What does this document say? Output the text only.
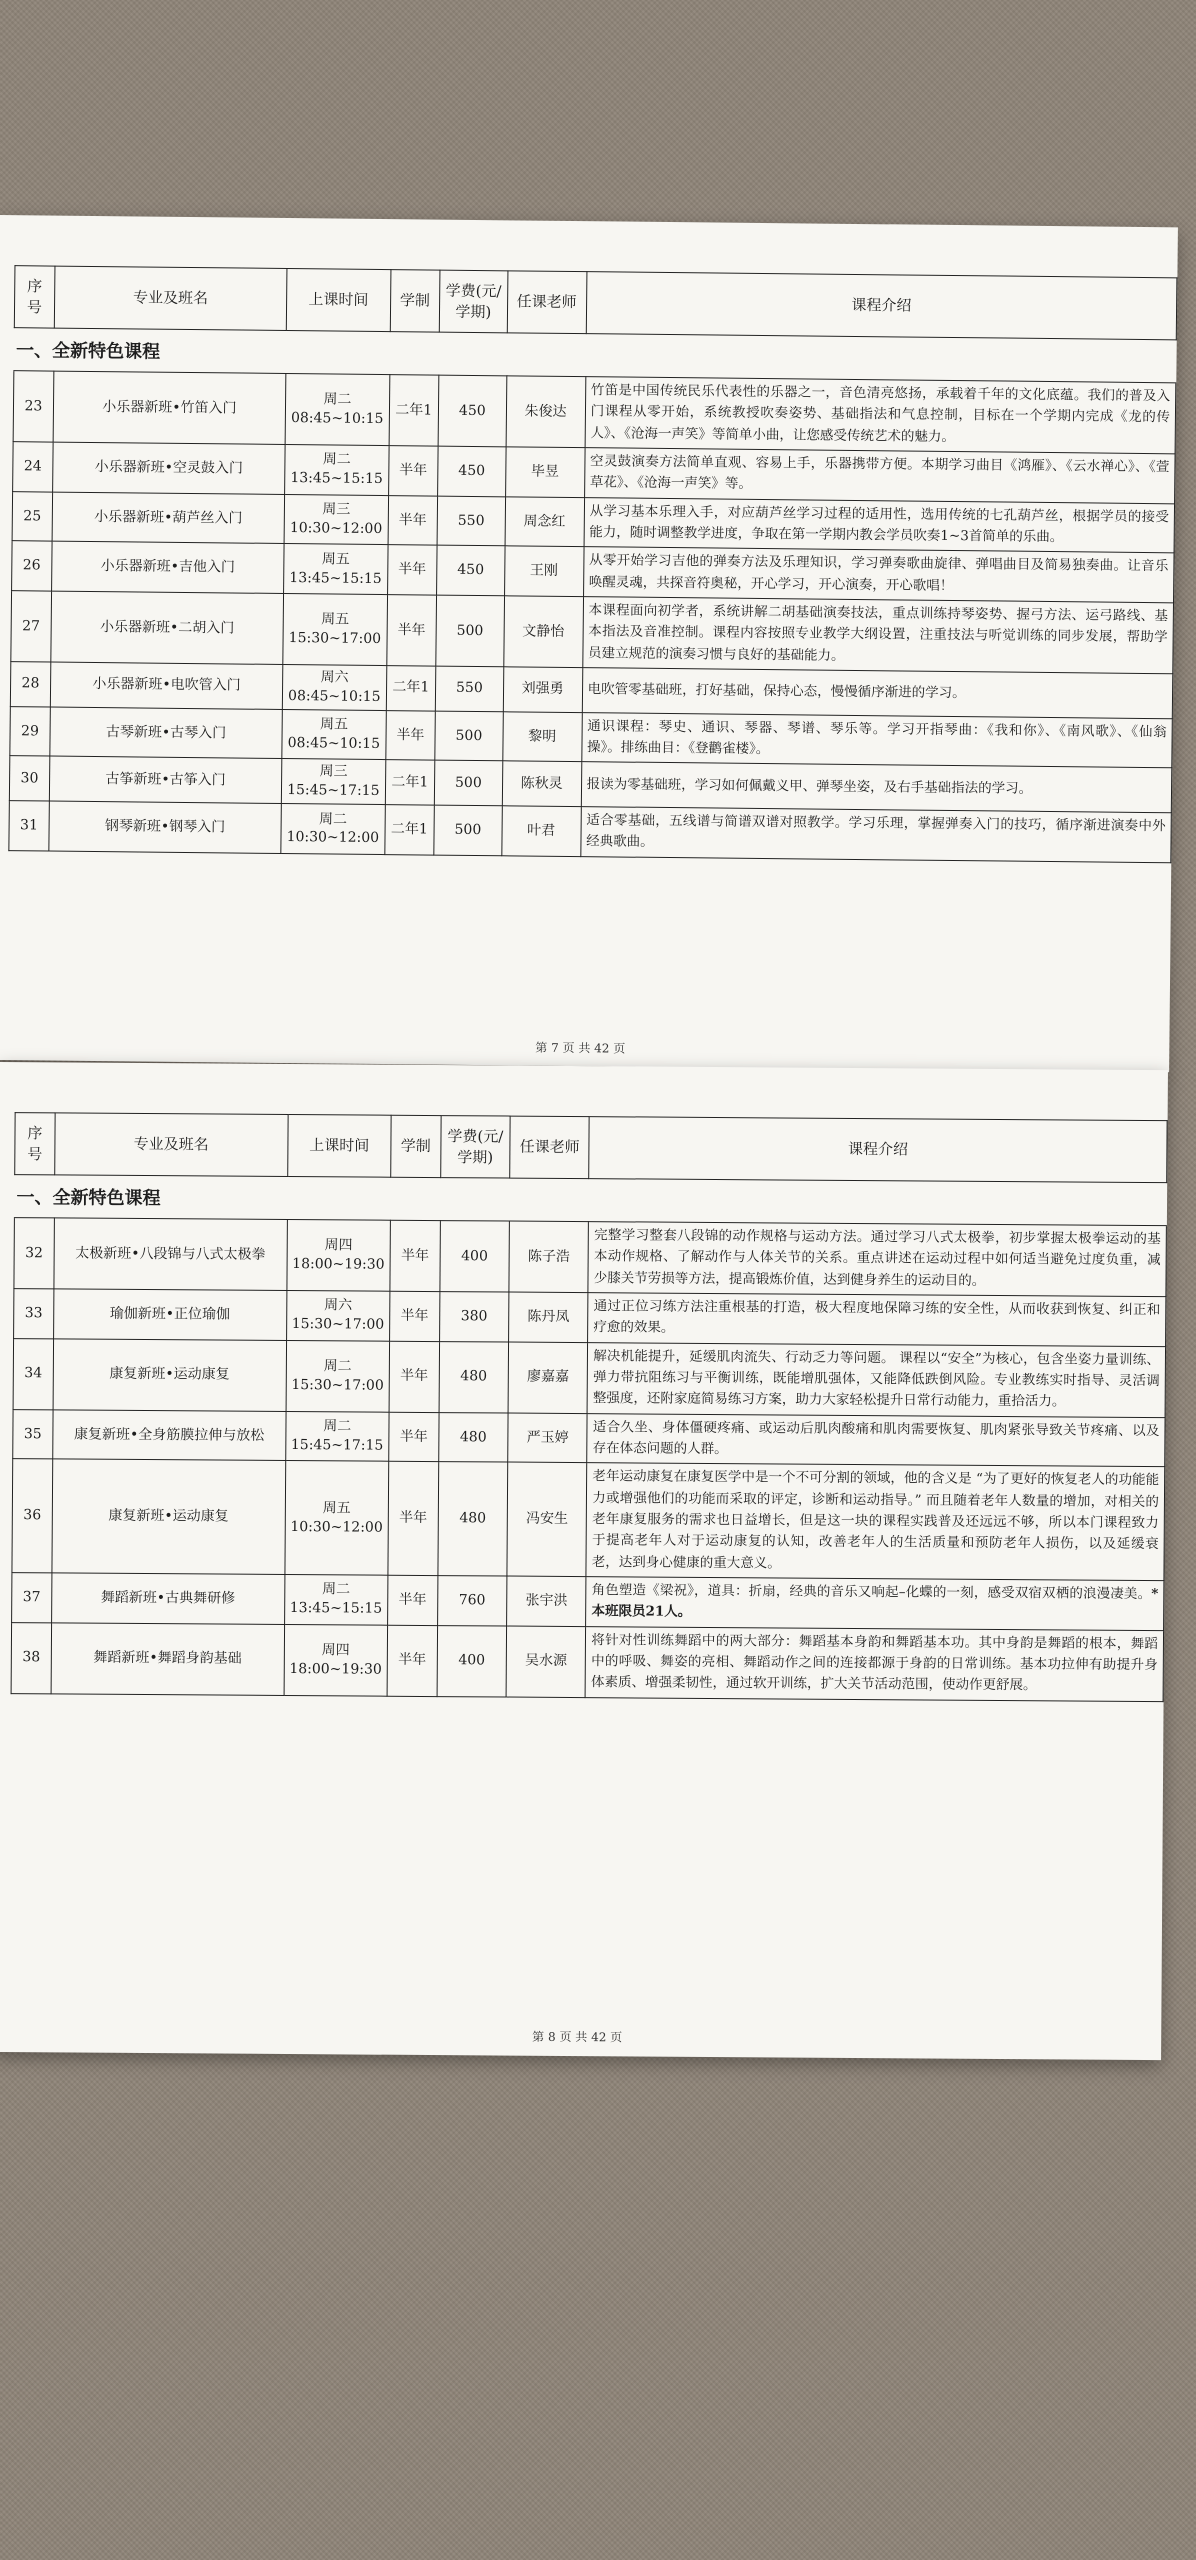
序号	专业及班名	上课时间	学制	学费(元/学期)	任课老师	课程介绍
一、全新特色课程						
23	小乐器新班•竹笛入门	周二
08:45~10:15	二年1	450	朱俊达	竹笛是中国传统民乐代表性的乐器之一，音色清亮悠扬，承载着千年的文化底蕴。我们的普及入门课程从零开始，系统教授吹奏姿势、基础指法和气息控制，目标在一个学期内完成《龙的传人》、《沧海一声笑》等简单小曲，让您感受传统艺术的魅力。
24	小乐器新班•空灵鼓入门	周二
13:45~15:15	半年	450	毕昱	空灵鼓演奏方法简单直观、容易上手，乐器携带方便。本期学习曲目《鸿雁》、《云水禅心》、《萱草花》、《沧海一声笑》等。
25	小乐器新班•葫芦丝入门	周三
10:30~12:00	半年	550	周念红	从学习基本乐理入手，对应葫芦丝学习过程的适用性，选用传统的七孔葫芦丝，根据学员的接受能力，随时调整教学进度，争取在第一学期内教会学员吹奏1~3首简单的乐曲。
26	小乐器新班•吉他入门	周五
13:45~15:15	半年	450	王刚	从零开始学习吉他的弹奏方法及乐理知识，学习弹奏歌曲旋律、弹唱曲目及简易独奏曲。让音乐唤醒灵魂，共探音符奥秘，开心学习，开心演奏，开心歌唱！
27	小乐器新班•二胡入门	周五
15:30~17:00	半年	500	文静怡	本课程面向初学者，系统讲解二胡基础演奏技法，重点训练持琴姿势、握弓方法、运弓路线、基本指法及音准控制。课程内容按照专业教学大纲设置，注重技法与听觉训练的同步发展，帮助学员建立规范的演奏习惯与良好的基础能力。
28	小乐器新班•电吹管入门	周六
08:45~10:15	二年1	550	刘强勇	电吹管零基础班，打好基础，保持心态，慢慢循序渐进的学习。
29	古琴新班•古琴入门	周五
08:45~10:15	半年	500	黎明	通识课程：琴史、通识、琴器、琴谱、琴乐等。学习开指琴曲：《我和你》、《南风歌》、《仙翁操》。排练曲目：《登鹳雀楼》。
30	古筝新班•古筝入门	周三
15:45~17:15	二年1	500	陈秋灵	报读为零基础班，学习如何佩戴义甲、弹琴坐姿，及右手基础指法的学习。
31	钢琴新班•钢琴入门	周二
10:30~12:00	二年1	500	叶君	适合零基础，五线谱与简谱双谱对照教学。学习乐理，掌握弹奏入门的技巧，循序渐进演奏中外经典歌曲。
第 7 页 共 42 页
序号	专业及班名	上课时间	学制	学费(元/学期)	任课老师	课程介绍
一、全新特色课程						
32	太极新班•八段锦与八式太极拳	周四
18:00~19:30	半年	400	陈子浩	完整学习整套八段锦的动作规格与运动方法。通过学习八式太极拳，初步掌握太极拳运动的基本动作规格、了解动作与人体关节的关系。重点讲述在运动过程中如何适当避免过度负重，减少膝关节劳损等方法，提高锻炼价值，达到健身养生的运动目的。
33	瑜伽新班•正位瑜伽	周六
15:30~17:00	半年	380	陈丹凤	通过正位习练方法注重根基的打造，极大程度地保障习练的安全性，从而收获到恢复、纠正和疗愈的效果。
34	康复新班•运动康复	周二
15:30~17:00	半年	480	廖嘉嘉	解决机能提升，延缓肌肉流失、行动乏力等问题。 课程以“安全”为核心，包含坐姿力量训练、弹力带抗阻练习与平衡训练，既能增肌强体，又能降低跌倒风险。专业教练实时指导、灵活调整强度，还附家庭简易练习方案，助力大家轻松提升日常行动能力，重拾活力。
35	康复新班•全身筋膜拉伸与放松	周二
15:45~17:15	半年	480	严玉婷	适合久坐、身体僵硬疼痛、或运动后肌肉酸痛和肌肉需要恢复、肌肉紧张导致关节疼痛、以及存在体态问题的人群。
36	康复新班•运动康复	周五
10:30~12:00	半年	480	冯安生	老年运动康复在康复医学中是一个不可分割的领域，他的含义是 “为了更好的恢复老人的功能能力或增强他们的功能而采取的评定，诊断和运动指导。” 而且随着老年人数量的增加，对相关的老年康复服务的需求也日益增长，但是这一块的课程实践普及还远远不够，所以本门课程致力于提高老年人对于运动康复的认知，改善老年人的生活质量和预防老年人损伤，以及延缓衰老，达到身心健康的重大意义。
37	舞蹈新班•古典舞研修	周二
13:45~15:15	半年	760	张宇洪	角色塑造《梁祝》，道具：折扇，经典的音乐又响起–化蝶的一刻，感受双宿双栖的浪漫凄美。*本班限员21人。
38	舞蹈新班•舞蹈身韵基础	周四
18:00~19:30	半年	400	吴水源	将针对性训练舞蹈中的两大部分：舞蹈基本身韵和舞蹈基本功。其中身韵是舞蹈的根本，舞蹈中的呼吸、舞姿的亮相、舞蹈动作之间的连接都源于身韵的日常训练。基本功拉伸有助提升身体素质、增强柔韧性，通过软开训练，扩大关节活动范围，使动作更舒展。
第 8 页 共 42 页
